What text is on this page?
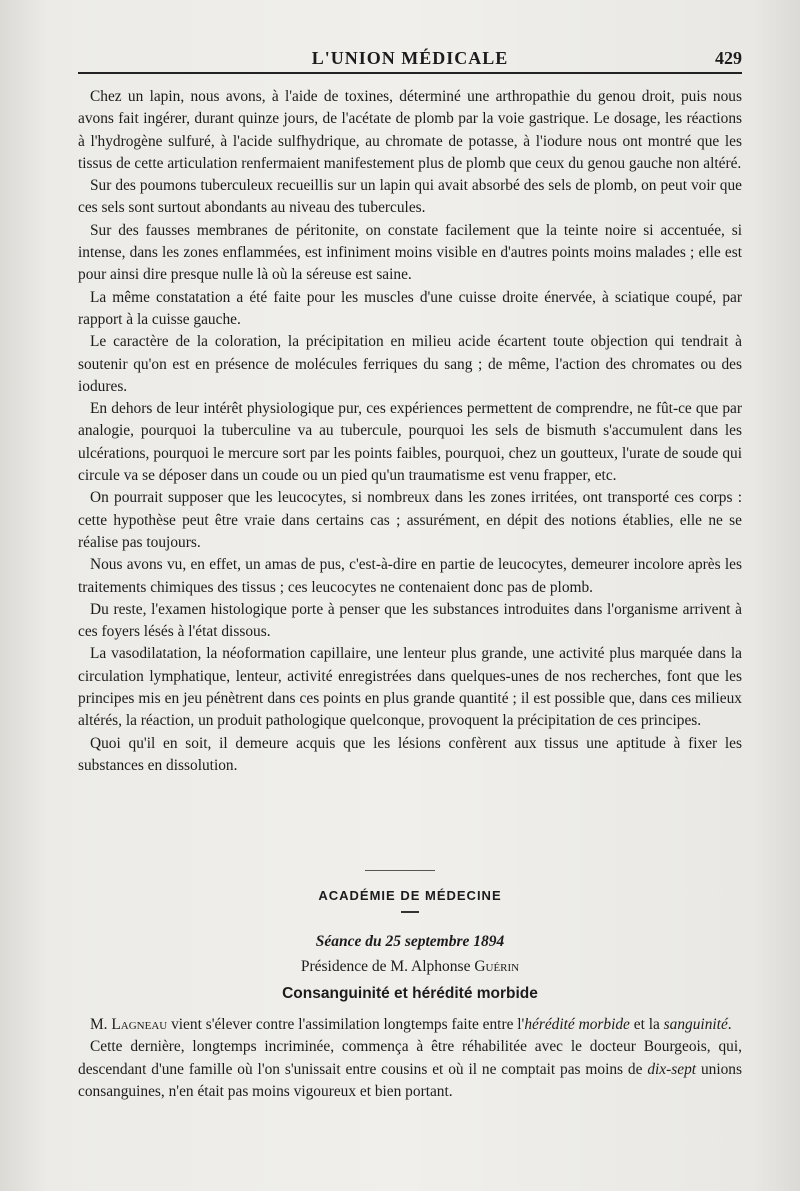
L'UNION MÉDICALE	429

Chez un lapin, nous avons, à l'aide de toxines, déterminé une arthropathie du genou droit, puis nous avons fait ingérer, durant quinze jours, de l'acétate de plomb par la voie gastrique. Le dosage, les réactions à l'hydrogène sulfuré, à l'acide sulfhydrique, au chromate de potasse, à l'iodure nous ont montré que les tissus de cette articulation renfermaient manifestement plus de plomb que ceux du genou gauche non altéré.

Sur des poumons tuberculeux recueillis sur un lapin qui avait absorbé des sels de plomb, on peut voir que ces sels sont surtout abondants au niveau des tubercules.

Sur des fausses membranes de péritonite, on constate facilement que la teinte noire si accentuée, si intense, dans les zones enflammées, est infiniment moins visible en d'autres points moins malades ; elle est pour ainsi dire presque nulle là où la séreuse est saine.

La même constatation a été faite pour les muscles d'une cuisse droite énervée, à sciatique coupé, par rapport à la cuisse gauche.

Le caractère de la coloration, la précipitation en milieu acide écartent toute objection qui tendrait à soutenir qu'on est en présence de molécules ferriques du sang ; de même, l'action des chromates ou des iodures.

En dehors de leur intérêt physiologique pur, ces expériences permettent de comprendre, ne fût-ce que par analogie, pourquoi la tuberculine va au tubercule, pourquoi les sels de bismuth s'accumulent dans les ulcérations, pourquoi le mercure sort par les points faibles, pourquoi, chez un goutteux, l'urate de soude qui circule va se déposer dans un coude ou un pied qu'un traumatisme est venu frapper, etc.

On pourrait supposer que les leucocytes, si nombreux dans les zones irritées, ont transporté ces corps : cette hypothèse peut être vraie dans certains cas ; assurément, en dépit des notions établies, elle ne se réalise pas toujours.

Nous avons vu, en effet, un amas de pus, c'est-à-dire en partie de leucocytes, demeurer incolore après les traitements chimiques des tissus ; ces leucocytes ne contenaient donc pas de plomb.

Du reste, l'examen histologique porte à penser que les substances introduites dans l'organisme arrivent à ces foyers lésés à l'état dissous.

La vasodilatation, la néoformation capillaire, une lenteur plus grande, une activité plus marquée dans la circulation lymphatique, lenteur, activité enregistrées dans quelques-unes de nos recherches, font que les principes mis en jeu pénètrent dans ces points en plus grande quantité ; il est possible que, dans ces milieux altérés, la réaction, un produit pathologique quelconque, provoquent la précipitation de ces principes.

Quoi qu'il en soit, il demeure acquis que les lésions confèrent aux tissus une aptitude à fixer les substances en dissolution.

ACADÉMIE DE MÉDECINE
Séance du 25 septembre 1894
Présidence de M. Alphonse Guérin
Consanguinité et hérédité morbide

M. Lagneau vient s'élever contre l'assimilation longtemps faite entre l'hérédité morbide et la sanguinité.

Cette dernière, longtemps incriminée, commença à être réhabilitée avec le docteur Bourgeois, qui, descendant d'une famille où l'on s'unissait entre cousins et où il ne comptait pas moins de dix-sept unions consanguines, n'en était pas moins vigoureux et bien portant.
